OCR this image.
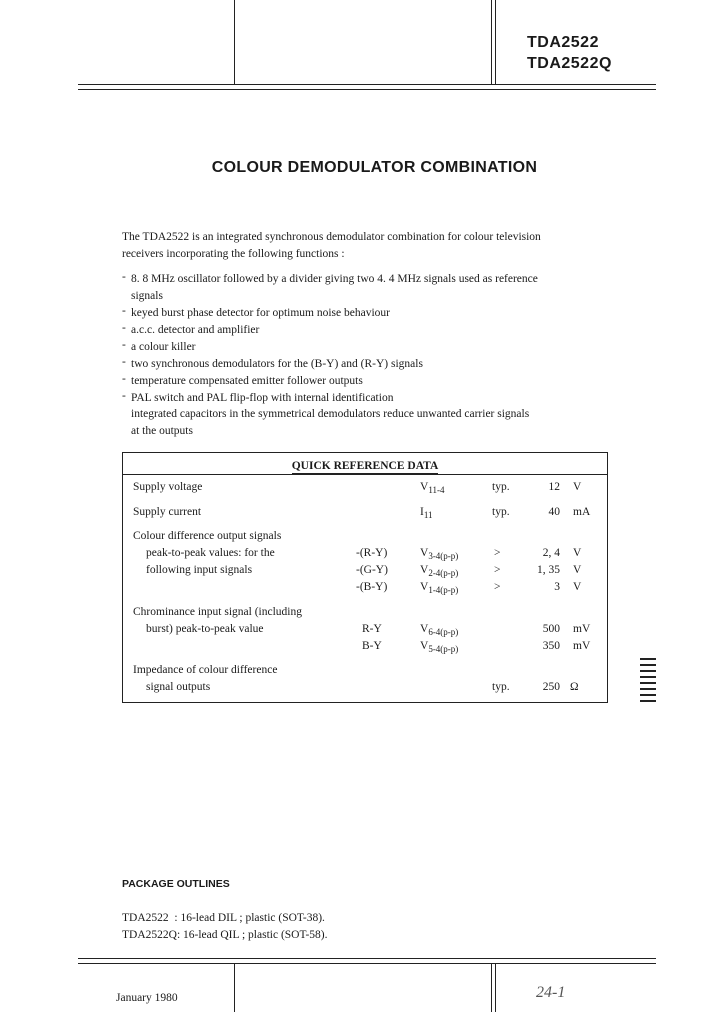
TDA2522
TDA2522Q
COLOUR DEMODULATOR COMBINATION
The TDA2522 is an integrated synchronous demodulator combination for colour television
receivers incorporating the following functions :
- 8. 8 MHz oscillator followed by a divider giving two 4. 4 MHz signals used as reference
signals
- keyed burst phase detector for optimum noise behaviour
- a.c.c. detector and amplifier
- a colour killer
- two synchronous demodulators for the (B-Y) and (R-Y) signals
- temperature compensated emitter follower outputs
- PAL switch and PAL flip-flop with internal identification
integrated capacitors in the symmetrical demodulators reduce unwanted carrier signals
at the outputs
QUICK REFERENCE DATA
Supply voltage	$V_{11-4}$	typ.	12 V
Supply current	$I_{11}$	typ.	40 mA
Colour difference output signals
peak-to-peak values: for the
following input signals
-(R-Y)	$V_{3-4(p-p)}$	>	2, 4 V
-(G-Y)	$V_{2-4(p-p)}$	>	1, 35 V
-(B-Y)	$V_{1-4(p-p)}$	>	3 V
Chrominance input signal (including
burst) peak-to-peak value	R-Y	$V_{6-4(p-p)}$	500 mV
B-Y	$V_{5-4(p-p)}$	350 mV
Impedance of colour difference
signal outputs	typ.	250 Ω
PACKAGE OUTLINES
TDA2522  : 16-lead DIL ; plastic (SOT-38).
TDA2522Q: 16-lead QIL ; plastic (SOT-58).
January 1980	24-1
